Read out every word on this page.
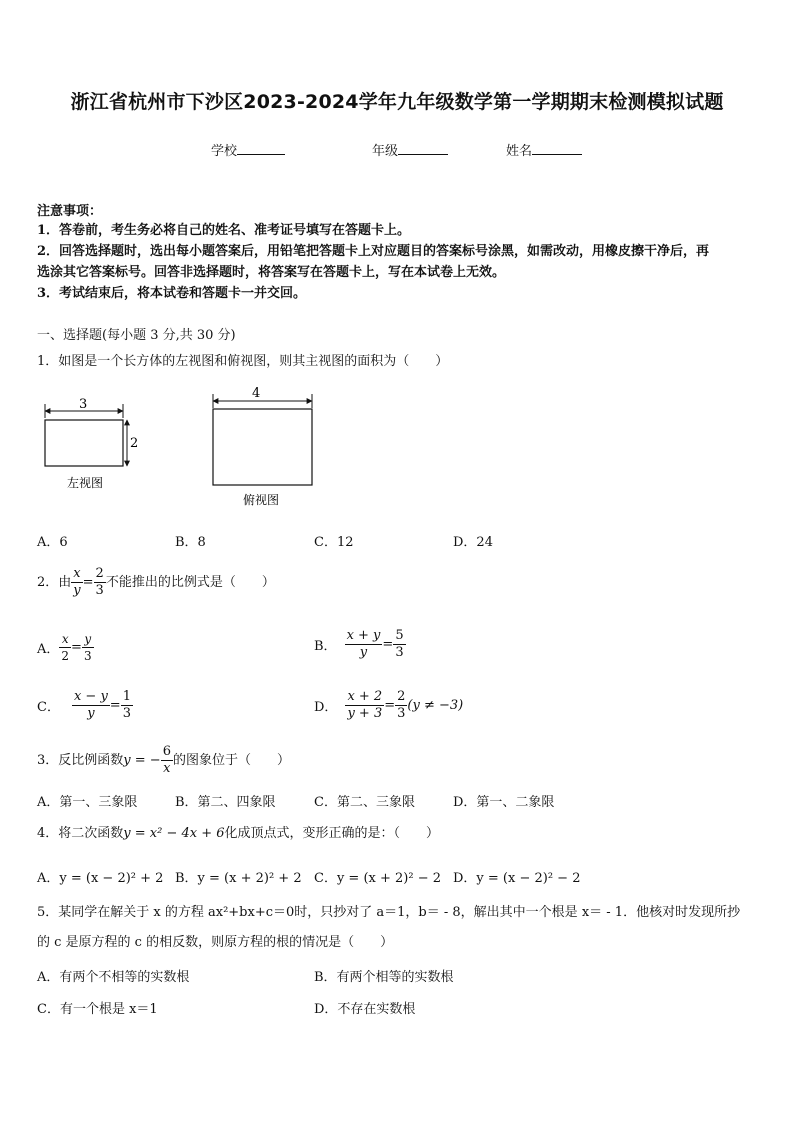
浙江省杭州市下沙区2023-2024学年九年级数学第一学期期末检测模拟试题
学校	年级	姓名
注意事项：
1．答卷前，考生务必将自己的姓名、准考证号填写在答题卡上。
2．回答选择题时，选出每小题答案后，用铅笔把答题卡上对应题目的答案标号涂黑，如需改动，用橡皮擦干净后，再
选涂其它答案标号。回答非选择题时，将答案写在答题卡上，写在本试卷上无效。
3．考试结束后，将本试卷和答题卡一并交回。
一、选择题(每小题 3 分,共 30 分)
1．如图是一个长方体的左视图和俯视图，则其主视图的面积为（　　）
3
2
左视图
4
俯视图
A．6	B．8	C．12	D．24
2．由 $\frac{x}{y} = \frac{2}{3}$ 不能推出的比例式是（　　）
A． $\frac{x}{2} = \frac{y}{3}$	B． $\frac{x + y}{y} = \frac{5}{3}$
C． $\frac{x - y}{y} = \frac{1}{3}$	D． $\frac{x + 2}{y + 3} = \frac{2}{3} (y \ne -3)$
3．反比例函数 y = − $\frac{6}{x}$ 的图象位于（　　）
A．第一、三象限	B．第二、四象限	C．第二、三象限	D．第一、二象限
4．将二次函数y = x² − 4x + 6化成顶点式，变形正确的是：（　　）
A．y = (x − 2)² + 2 B．y = (x + 2)² + 2 C．y = (x + 2)² − 2 D．y = (x − 2)² − 2
5．某同学在解关于 x 的方程 ax²+bx+c＝0时，只抄对了 a＝1，b＝ - 8，解出其中一个根是 x＝ - 1．他核对时发现所抄
的 c 是原方程的 c 的相反数，则原方程的根的情况是（　　）
A．有两个不相等的实数根	B．有两个相等的实数根
C．有一个根是 x＝1	D．不存在实数根
